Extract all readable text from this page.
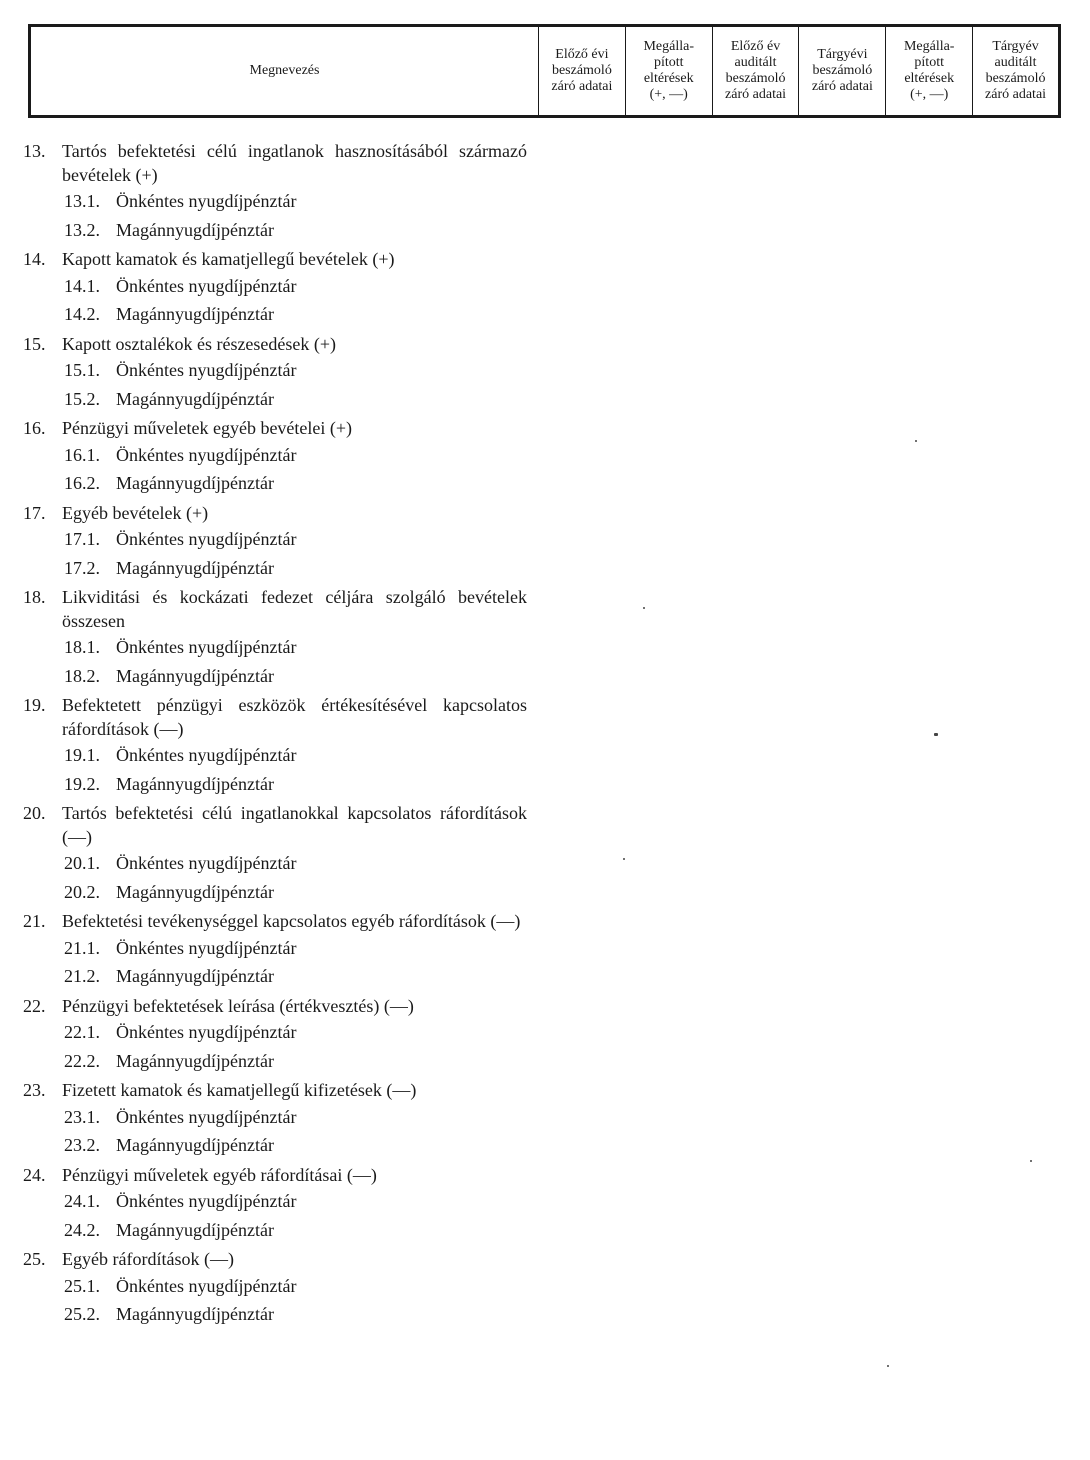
Megnevezés
Előző évi
beszámoló
záró adatai
Megálla-
pított
eltérések
(+, —)
Előző év
auditált
beszámoló
záró adatai
Tárgyévi
beszámoló
záró adatai
Megálla-
pított
eltérések
(+, —)
Tárgyév
auditált
beszámoló
záró adatai
13. Tartós befektetési célú ingatlanok hasznosításából származó bevételek (+)
13.1. Önkéntes nyugdíjpénztár
13.2. Magánnyugdíjpénztár
14. Kapott kamatok és kamatjellegű bevételek (+)
14.1. Önkéntes nyugdíjpénztár
14.2. Magánnyugdíjpénztár
15. Kapott osztalékok és részesedések (+)
15.1. Önkéntes nyugdíjpénztár
15.2. Magánnyugdíjpénztár
16. Pénzügyi műveletek egyéb bevételei (+)
16.1. Önkéntes nyugdíjpénztár
16.2. Magánnyugdíjpénztár
17. Egyéb bevételek (+)
17.1. Önkéntes nyugdíjpénztár
17.2. Magánnyugdíjpénztár
18. Likviditási és kockázati fedezet céljára szolgáló bevételek összesen
18.1. Önkéntes nyugdíjpénztár
18.2. Magánnyugdíjpénztár
19. Befektetett pénzügyi eszközök értékesítésével kapcsolatos ráfordítások (—)
19.1. Önkéntes nyugdíjpénztár
19.2. Magánnyugdíjpénztár
20. Tartós befektetési célú ingatlanokkal kapcsolatos ráfordítások (—)
20.1. Önkéntes nyugdíjpénztár
20.2. Magánnyugdíjpénztár
21. Befektetési tevékenységgel kapcsolatos egyéb ráfordítások (—)
21.1. Önkéntes nyugdíjpénztár
21.2. Magánnyugdíjpénztár
22. Pénzügyi befektetések leírása (értékvesztés) (—)
22.1. Önkéntes nyugdíjpénztár
22.2. Magánnyugdíjpénztár
23. Fizetett kamatok és kamatjellegű kifizetések (—)
23.1. Önkéntes nyugdíjpénztár
23.2. Magánnyugdíjpénztár
24. Pénzügyi műveletek egyéb ráfordításai (—)
24.1. Önkéntes nyugdíjpénztár
24.2. Magánnyugdíjpénztár
25. Egyéb ráfordítások (—)
25.1. Önkéntes nyugdíjpénztár
25.2. Magánnyugdíjpénztár
